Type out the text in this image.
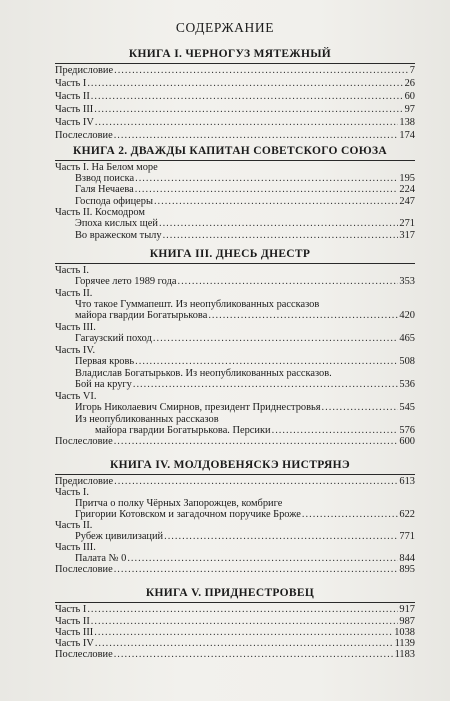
СОДЕРЖАНИЕ
КНИГА I. ЧЕРНОГУЗ МЯТЕЖНЫЙ
Предисловие .....	7
Часть I .....	26
Часть II .....	60
Часть III .....	97
Часть IV .....	138
Послесловие .....	174
КНИГА 2. ДВАЖДЫ КАПИТАН СОВЕТСКОГО СОЮЗА
Часть I. На Белом море
Взвод поиска .....	195
Галя Нечаева .....	224
Господа офицеры .....	247
Часть II. Космодром
Эпоха кислых щей .....	271
Во вражеском тылу .....	317
КНИГА III. ДНЕСЬ ДНЕСТР
Часть I.
Горячее лето 1989 года .....	353
Часть II.
Что такое Гуммапешт. Из неопубликованных рассказов
майора гвардии Богатырькова .....	420
Часть III.
Гагаузский поход .....	465
Часть IV.
Первая кровь .....	508
Владислав Богатырьков. Из неопубликованных рассказов.
Бой на кругу .....	536
Часть VI.
Игорь Николаевич Смирнов, президент Приднестровья .....	545
Из неопубликованных рассказов
майора гвардии Богатырькова. Персики .....	576
Послесловие .....	600
КНИГА IV. МОЛДОВЕНЯСКЭ НИСТРЯНЭ
Предисловие .....	613
Часть I.
Притча о полку Чёрных Запорожцев, комбриге
Григории Котовском и загадочном поручике Броже .....	622
Часть II.
Рубеж цивилизаций .....	771
Часть III.
Палата № 0 .....	844
Послесловие .....	895
КНИГА V. ПРИДНЕСТРОВЕЦ
Часть I .....	917
Часть II .....	987
Часть III .....	1038
Часть IV .....	1139
Послесловие .....	1183
